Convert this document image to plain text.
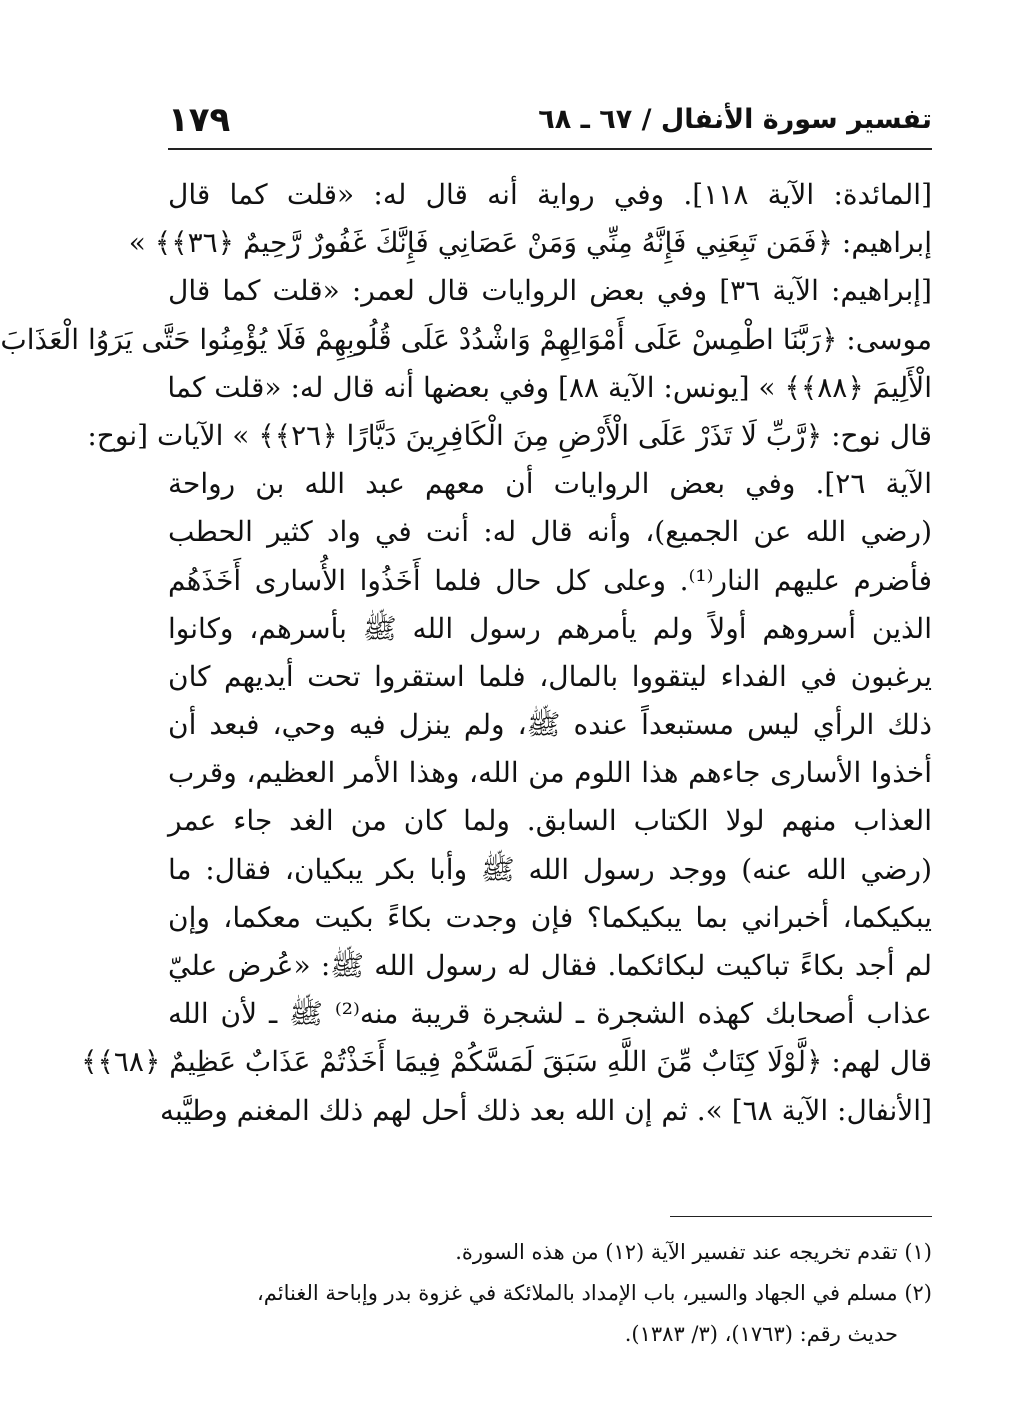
تفسير سورة الأنفال / ٦٧ ـ ٦٨
١٧٩
[المائدة: الآية ١١٨]. وفي رواية أنه قال له: «قلت كما قال
إبراهيم: ﴿فَمَن تَبِعَنِي فَإِنَّهُ مِنِّي وَمَنْ عَصَانِي فَإِنَّكَ غَفُورٌ رَّحِيمٌ ﴿٣٦﴾﴾ »
[إبراهيم: الآية ٣٦] وفي بعض الروايات قال لعمر: «قلت كما قال
موسى: ﴿رَبَّنَا اطْمِسْ عَلَى أَمْوَالِهِمْ وَاشْدُدْ عَلَى قُلُوبِهِمْ فَلَا يُؤْمِنُوا حَتَّى يَرَوُا الْعَذَابَ
الْأَلِيمَ ﴿٨٨﴾﴾ » [يونس: الآية ٨٨] وفي بعضها أنه قال له: «قلت كما
قال نوح: ﴿رَّبِّ لَا تَذَرْ عَلَى الْأَرْضِ مِنَ الْكَافِرِينَ دَيَّارًا ﴿٢٦﴾﴾ » الآيات [نوح:
الآية ٢٦]. وفي بعض الروايات أن معهم عبد الله بن رواحة
(رضي الله عن الجميع)، وأنه قال له: أنت في واد كثير الحطب
فأضرم عليهم النار⁽¹⁾. وعلى كل حال فلما أَخَذُوا الأُسارى أَخَذَهُم
الذين أسروهم أولاً ولم يأمرهم رسول الله ﷺ بأسرهم، وكانوا
يرغبون في الفداء ليتقووا بالمال، فلما استقروا تحت أيديهم كان
ذلك الرأي ليس مستبعداً عنده ﷺ، ولم ينزل فيه وحي، فبعد أن
أخذوا الأسارى جاءهم هذا اللوم من الله، وهذا الأمر العظيم، وقرب
العذاب منهم لولا الكتاب السابق. ولما كان من الغد جاء عمر
(رضي الله عنه) ووجد رسول الله ﷺ وأبا بكر يبكيان، فقال: ما
يبكيكما، أخبراني بما يبكيكما؟ فإن وجدت بكاءً بكيت معكما، وإن
لم أجد بكاءً تباكيت لبكائكما. فقال له رسول الله ﷺ: «عُرض عليّ
عذاب أصحابك كهذه الشجرة ـ لشجرة قريبة منه⁽²⁾ ﷺ ـ لأن الله
قال لهم: ﴿لَّوْلَا كِتَابٌ مِّنَ اللَّهِ سَبَقَ لَمَسَّكُمْ فِيمَا أَخَذْتُمْ عَذَابٌ عَظِيمٌ ﴿٦٨﴾﴾
[الأنفال: الآية ٦٨] ». ثم إن الله بعد ذلك أحل لهم ذلك المغنم وطيَّبه
(١) تقدم تخريجه عند تفسير الآية (١٢) من هذه السورة.
(٢) مسلم في الجهاد والسير، باب الإمداد بالملائكة في غزوة بدر وإباحة الغنائم،
حديث رقم: (١٧٦٣)، (٣/ ١٣٨٣).
